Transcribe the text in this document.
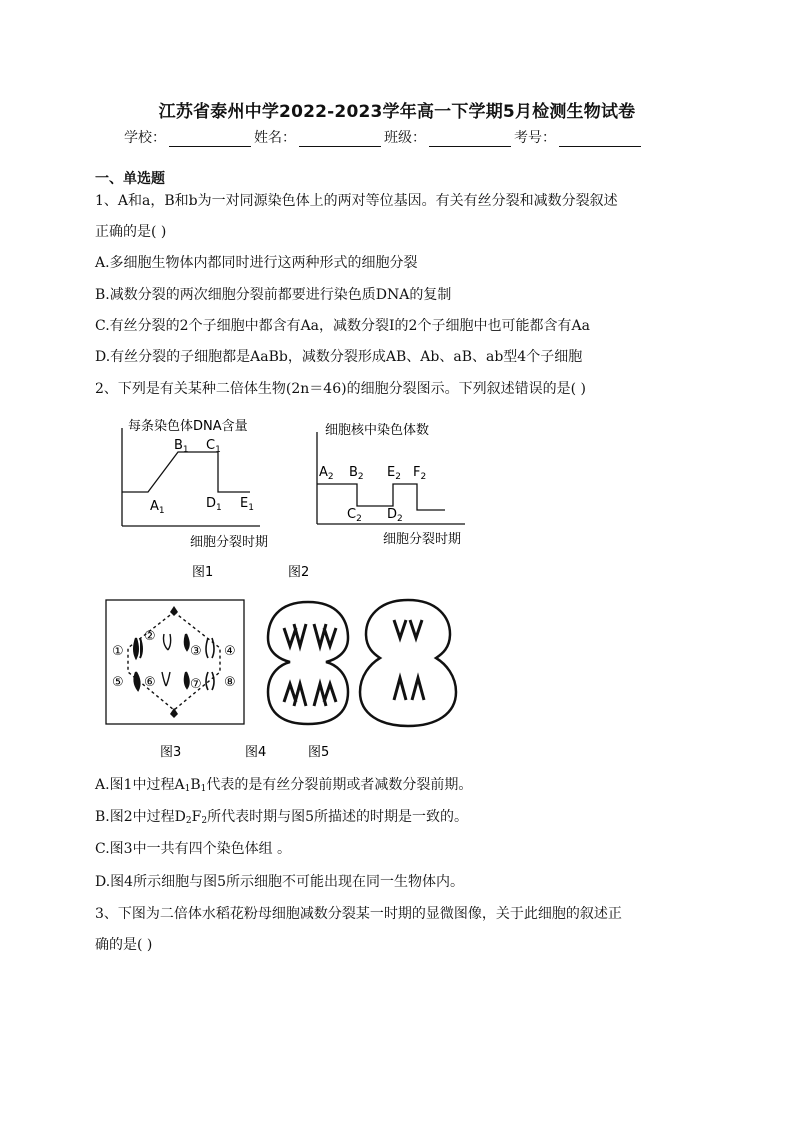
江苏省泰州中学2022-2023学年高一下学期5月检测生物试卷
学校：	姓名：	班级：	考号：
一、单选题
1、A和a，B和b为一对同源染色体上的两对等位基因。有关有丝分裂和减数分裂叙述
正确的是( )
A.多细胞生物体内都同时进行这两种形式的细胞分裂
B.减数分裂的两次细胞分裂前都要进行染色质DNA的复制
C.有丝分裂的2个子细胞中都含有Aa，减数分裂Ⅰ的2个子细胞中也可能都含有Aa
D.有丝分裂的子细胞都是AaBb，减数分裂形成AB、Ab、aB、ab型4个子细胞
2、下列是有关某种二倍体生物(2n＝46)的细胞分裂图示。下列叙述错误的是( )
每条染色体DNA含量
$A_1$
$B_1$ $C_1$
$D_1$ $E_1$
细胞分裂时期
图1
细胞核中染色体数
$A_2$ $B_2$
$C_2$ $D_2$
$E_2$ $F_2$
细胞分裂时期
图2
①
②
③ ④
⑤ ⑥	⑦ ⑧
图3	图4	图5
A.图1中过程$A_1B_1$代表的是有丝分裂前期或者减数分裂前期。
B.图2中过程$D_2F_2$所代表时期与图5所描述的时期是一致的。
C.图3中一共有四个染色体组 。
D.图4所示细胞与图5所示细胞不可能出现在同一生物体内。
3、下图为二倍体水稻花粉母细胞减数分裂某一时期的显微图像，关于此细胞的叙述正
确的是( )
